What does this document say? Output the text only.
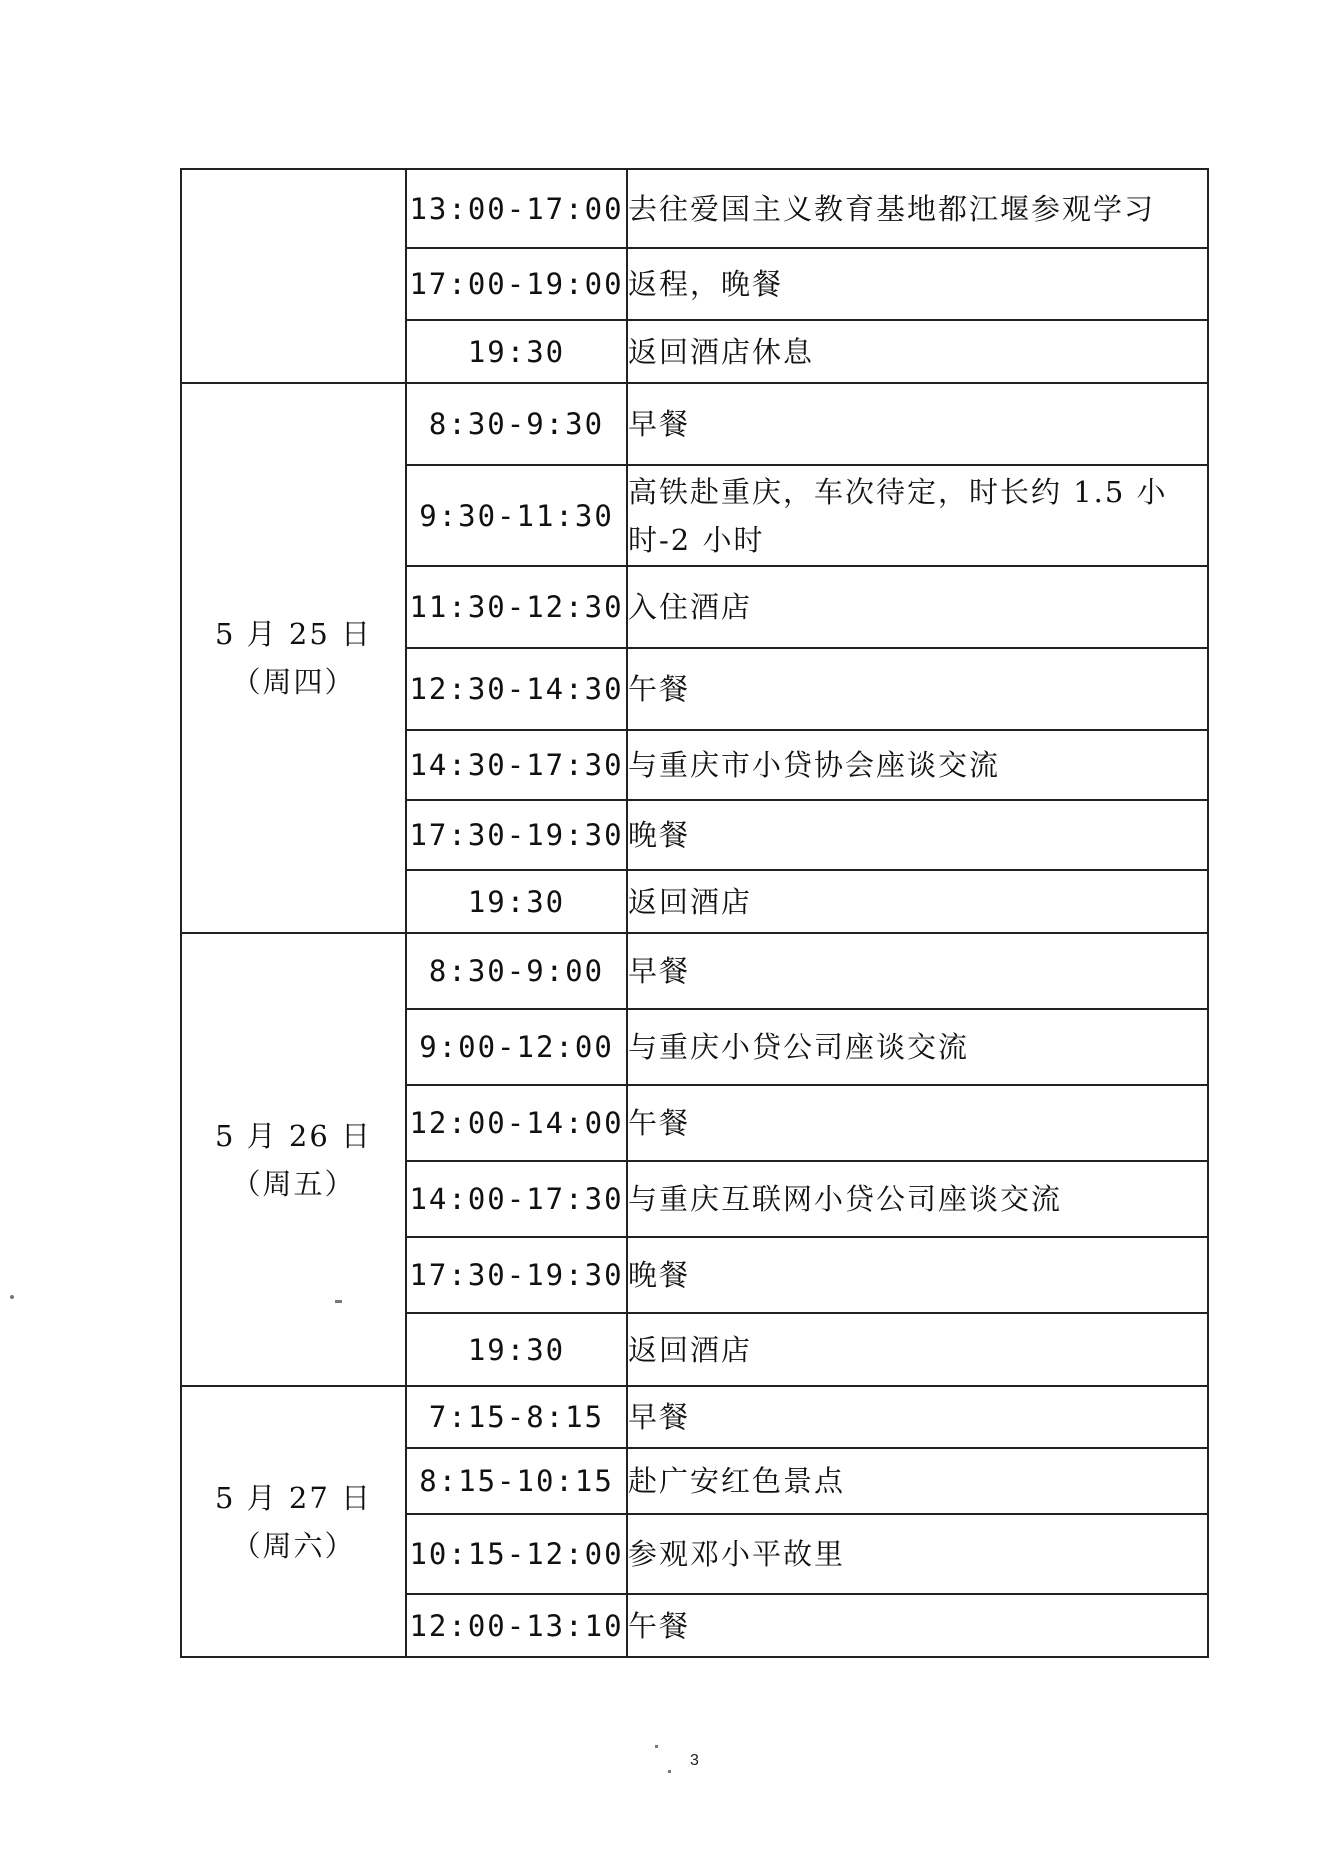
	13:00-17:00	去往爱国主义教育基地都江堰参观学习
	17:00-19:00	返程，晚餐
	19:30	返回酒店休息

5 月 25 日
（周四）	8:30-9:30	早餐
	9:30-11:30	高铁赴重庆，车次待定，时长约 1.5 小时-2 小时
	11:30-12:30	入住酒店
	12:30-14:30	午餐
	14:30-17:30	与重庆市小贷协会座谈交流
	17:30-19:30	晚餐
	19:30	返回酒店

5 月 26 日
（周五）	8:30-9:00	早餐
	9:00-12:00	与重庆小贷公司座谈交流
	12:00-14:00	午餐
	14:00-17:30	与重庆互联网小贷公司座谈交流
	17:30-19:30	晚餐
	19:30	返回酒店

5 月 27 日
（周六）	7:15-8:15	早餐
	8:15-10:15	赴广安红色景点
	10:15-12:00	参观邓小平故里
	12:00-13:10	午餐
3
